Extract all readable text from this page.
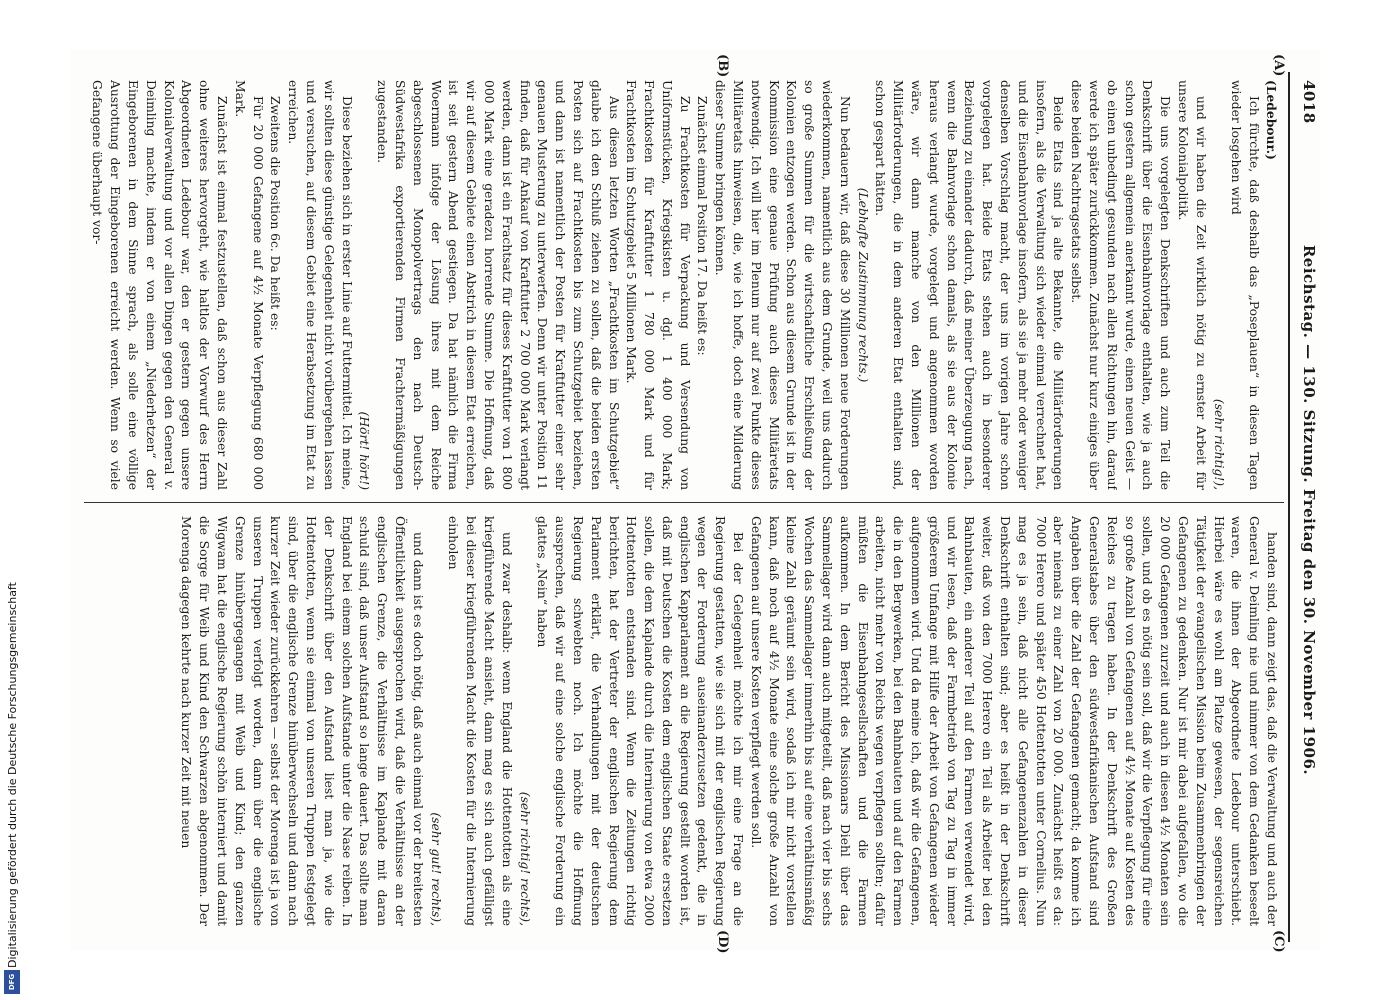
Digitalisierung gefördert durch die Deutsche Forschungsgemeinschaft
DFG
4018
Reichstag. — 130. Sitzung. Freitag den 30. November 1906.
(A)
(B)
(C)
(D)

(Ledebour.)

Ich fürchte, daß deshalb das „Poseplauen“ in diesen Tagen wieder losgehen wird

(sehr richtig!),

und wir haben die Zeit wirklich nötig zu ernster Arbeit für unsere Kolonialpolitik.

Die uns vorgelegten Denkschriften und auch zum Teil die Denkschrift über die Eisenbahnvorlage enthalten, wie ja auch schon gestern allgemein anerkannt wurde, einen neuen Geist — ob einen unbedingt gesunden nach allen Richtungen hin, darauf werde ich später zurückkommen. Zunächst nur kurz einiges über diese beiden Nachtragsetats selbst.

Beide Etats sind ja alte Bekannte, die Militärforderungen insofern, als die Verwaltung sich wieder einmal verrechnet hat, und die Eisenbahnvorlage insofern, als sie ja mehr oder weniger denselben Vorschlag macht, der uns im vorigen Jahre schon vorgelegen hat. Beide Etats stehen auch in besonderer Beziehung zu einander dadurch, daß meiner Überzeugung nach, wenn die Bahnvorlage schon damals, als sie aus der Kolonie heraus verlangt wurde, vorgelegt und angenommen worden wäre, wir dann manche von den Millionen der Militärforderungen, die in dem anderen Etat enthalten sind, schon gespart hätten.

(Lebhafte Zustimmung rechts.)

Nun bedauern wir, daß diese 30 Millionen neue Forderungen wiederkommen, namentlich aus dem Grunde, weil uns dadurch so große Summen für die wirtschaftliche Erschließung der Kolonien entzogen werden. Schon aus diesem Grunde ist in der Kommission eine genaue Prüfung auch dieses Militäretats notwendig. Ich will hier im Plenum nur auf zwei Punkte dieses Militäretats hinweisen, die, wie ich hoffe, doch eine Milderung dieser Summe bringen können.

Zunächst einmal Position 17. Da heißt es:

Zu Frachtkosten für Verpackung und Versendung von Uniformstücken, Kriegskisten u. dgl. 1 400 000 Mark; Frachtkosten für Kraftfutter 1 780 000 Mark und für Frachtkosten im Schutzgebiet 5 Millionen Mark.

Aus diesen letzten Worten „Frachtkosten im Schutzgebiet“ glaube ich den Schluß ziehen zu sollen, daß die beiden ersten Posten sich auf Frachtkosten bis zum Schutzgebiet beziehen, und dann ist namentlich der Posten für Kraftfutter einer sehr genauen Musterung zu unterwerfen. Denn wir unter Position 11 finden, daß für Ankauf von Kraftfutter 2 700 000 Mark verlangt werden, dann ist ein Frachtsatz für dieses Kraftfutter von 1 800 000 Mark eine geradezu horrende Summe. Die Hoffnung, daß wir auf diesem Gebiete einen Abstrich in diesem Etat erreichen, ist seit gestern Abend gestiegen. Da hat nämlich die Firma Woermann infolge der Lösung ihres mit dem Reiche abgeschlossenen Monopolvertrags den nach Deutsch-Südwestafrika exportierenden Firmen Frachtermäßigungen zugestanden.

(Hört! hört!)

Diese beziehen sich in erster Linie auf Futtermittel. Ich meine, wir sollten diese günstige Gelegenheit nicht vorübergehen lassen und versuchen, auf diesem Gebiet eine Herabsetzung im Etat zu erreichen.

Zweitens die Position 6c. Da heißt es:

Für 20 000 Gefangene auf 4½ Monate Verpflegung 680 000 Mark.

Zunächst ist einmal festzustellen, daß schon aus dieser Zahl ohne weiteres hervorgeht, wie haltlos der Vorwurf des Herrn Abgeordneten Ledebour war, den er gestern gegen unsere Kolonialverwaltung und vor allen Dingen gegen den General v. Deimling machte, indem er von einem „Niederhetzen“ der Eingeborenen in dem Sinne sprach, als solle eine völlige Ausrottung der Eingeborenen erreicht werden. Wenn so viele Gefangene überhaupt vor-

handen sind, dann zeigt das, daß die Verwaltung und auch der General v. Deimling nie und nimmer von dem Gedanken beseelt waren, die ihnen der Abgeordnete Ledebour unterschiebt. Hierbei wäre es wohl am Platze gewesen, der segensreichen Tätigkeit der evangelischen Mission beim Zusammenbringen der Gefangenen zu gedenken. Nur ist mir dabei aufgefallen, wo die 20 000 Gefangenen zurzeit und auch in diesen 4½ Monaten sein sollen, und ob es nötig sein soll, daß wir die Verpflegung für eine so große Anzahl von Gefangenen auf 4½ Monate auf Kosten des Reiches zu tragen haben. In der Denkschrift des Großen Generalstabes über den südwestafrikanischen Aufstand sind Angaben über die Zahl der Gefangenen gemacht; da komme ich aber niemals zu einer Zahl von 20 000. Zunächst heißt es da: 7000 Herero und später 450 Hottentotten unter Cornelius. Nun mag es ja sein, daß nicht alle Gefangenenzahlen in dieser Denkschrift enthalten sind; aber es heißt in der Denkschrift weiter, daß von den 7000 Herero ein Teil als Arbeiter bei den Bahnbauten, ein anderer Teil auf den Farmen verwendet wird, und wir lesen, daß der Farmbetrieb von Tag zu Tag in immer größerem Umfange mit Hilfe der Arbeit von Gefangenen wieder aufgenommen wird. Und da meine ich, daß wir die Gefangenen, die in den Bergwerken, bei den Bahnbauten und auf den Farmen arbeiten, nicht mehr von Reichs wegen verpflegen sollten; dafür müßten die Eisenbahngesellschaften und die Farmen aufkommen. In dem Bericht des Missionars Diehl über das Sammellager wird dann auch mitgeteilt, daß nach vier bis sechs Wochen das Sammellager immerhin bis auf eine verhältnismäßig kleine Zahl geräumt sein wird, sodaß ich mir nicht vorstellen kann, daß noch auf 4½ Monate eine solche große Anzahl von Gefangenen auf unsere Kosten verpflegt werden soll.

Bei der Gelegenheit möchte ich mir eine Frage an die Regierung gestatten, wie sie sich mit der englischen Regierung wegen der Forderung auseinanderzusetzen gedenkt, die in englischen Kapparlament an die Regierung gestellt worden ist, daß mit Deutschen die Kosten dem englischen Staate ersetzen sollen, die dem Kaplande durch die Internierung von etwa 2000 Hottentotten entstanden sind. Wenn die Zeitungen richtig berichten, hat der Vertreter der englischen Regierung dem Parlament erklärt, die Verhandlungen mit der deutschen Regierung schwebten noch. Ich möchte die Hoffnung aussprechen, daß wir auf eine solche englische Forderung ein glattes „Nein“ haben

(sehr richtig! rechts),

und zwar deshalb: wenn England die Hottentotten als eine kriegführende Macht ansieht, dann mag es sich auch gefälligst bei dieser kriegführenden Macht die Kosten für die Internierung einholen

(sehr gut! rechts),

und dann ist es doch nötig, daß auch einmal vor der breitesten Öffentlichkeit ausgesprochen wird, daß die Verhältnisse an der englischen Grenze, die Verhältnisse im Kaplande mit daran schuld sind, daß unser Aufstand so lange dauert. Das sollte man England bei einem solchen Aufstande unter die Nase reiben. In der Denkschrift über den Aufstand liest man ja, wie die Hottentotten, wenn sie einmal von unseren Truppen festgelegt sind, über die englische Grenze hinüberwechseln und dann nach kurzer Zeit wieder zurückkehren — selbst der Morenga ist ja von unseren Truppen verfolgt worden, dann über die englische Grenze hinübergegangen mit Weib und Kind; den ganzen Wigwam hat die englische Regierung schön interniert und damit die Sorge für Weib und Kind den Schwarzen abgenommen. Der Morenga dagegen kehrte nach kurzer Zeit mit neuen
